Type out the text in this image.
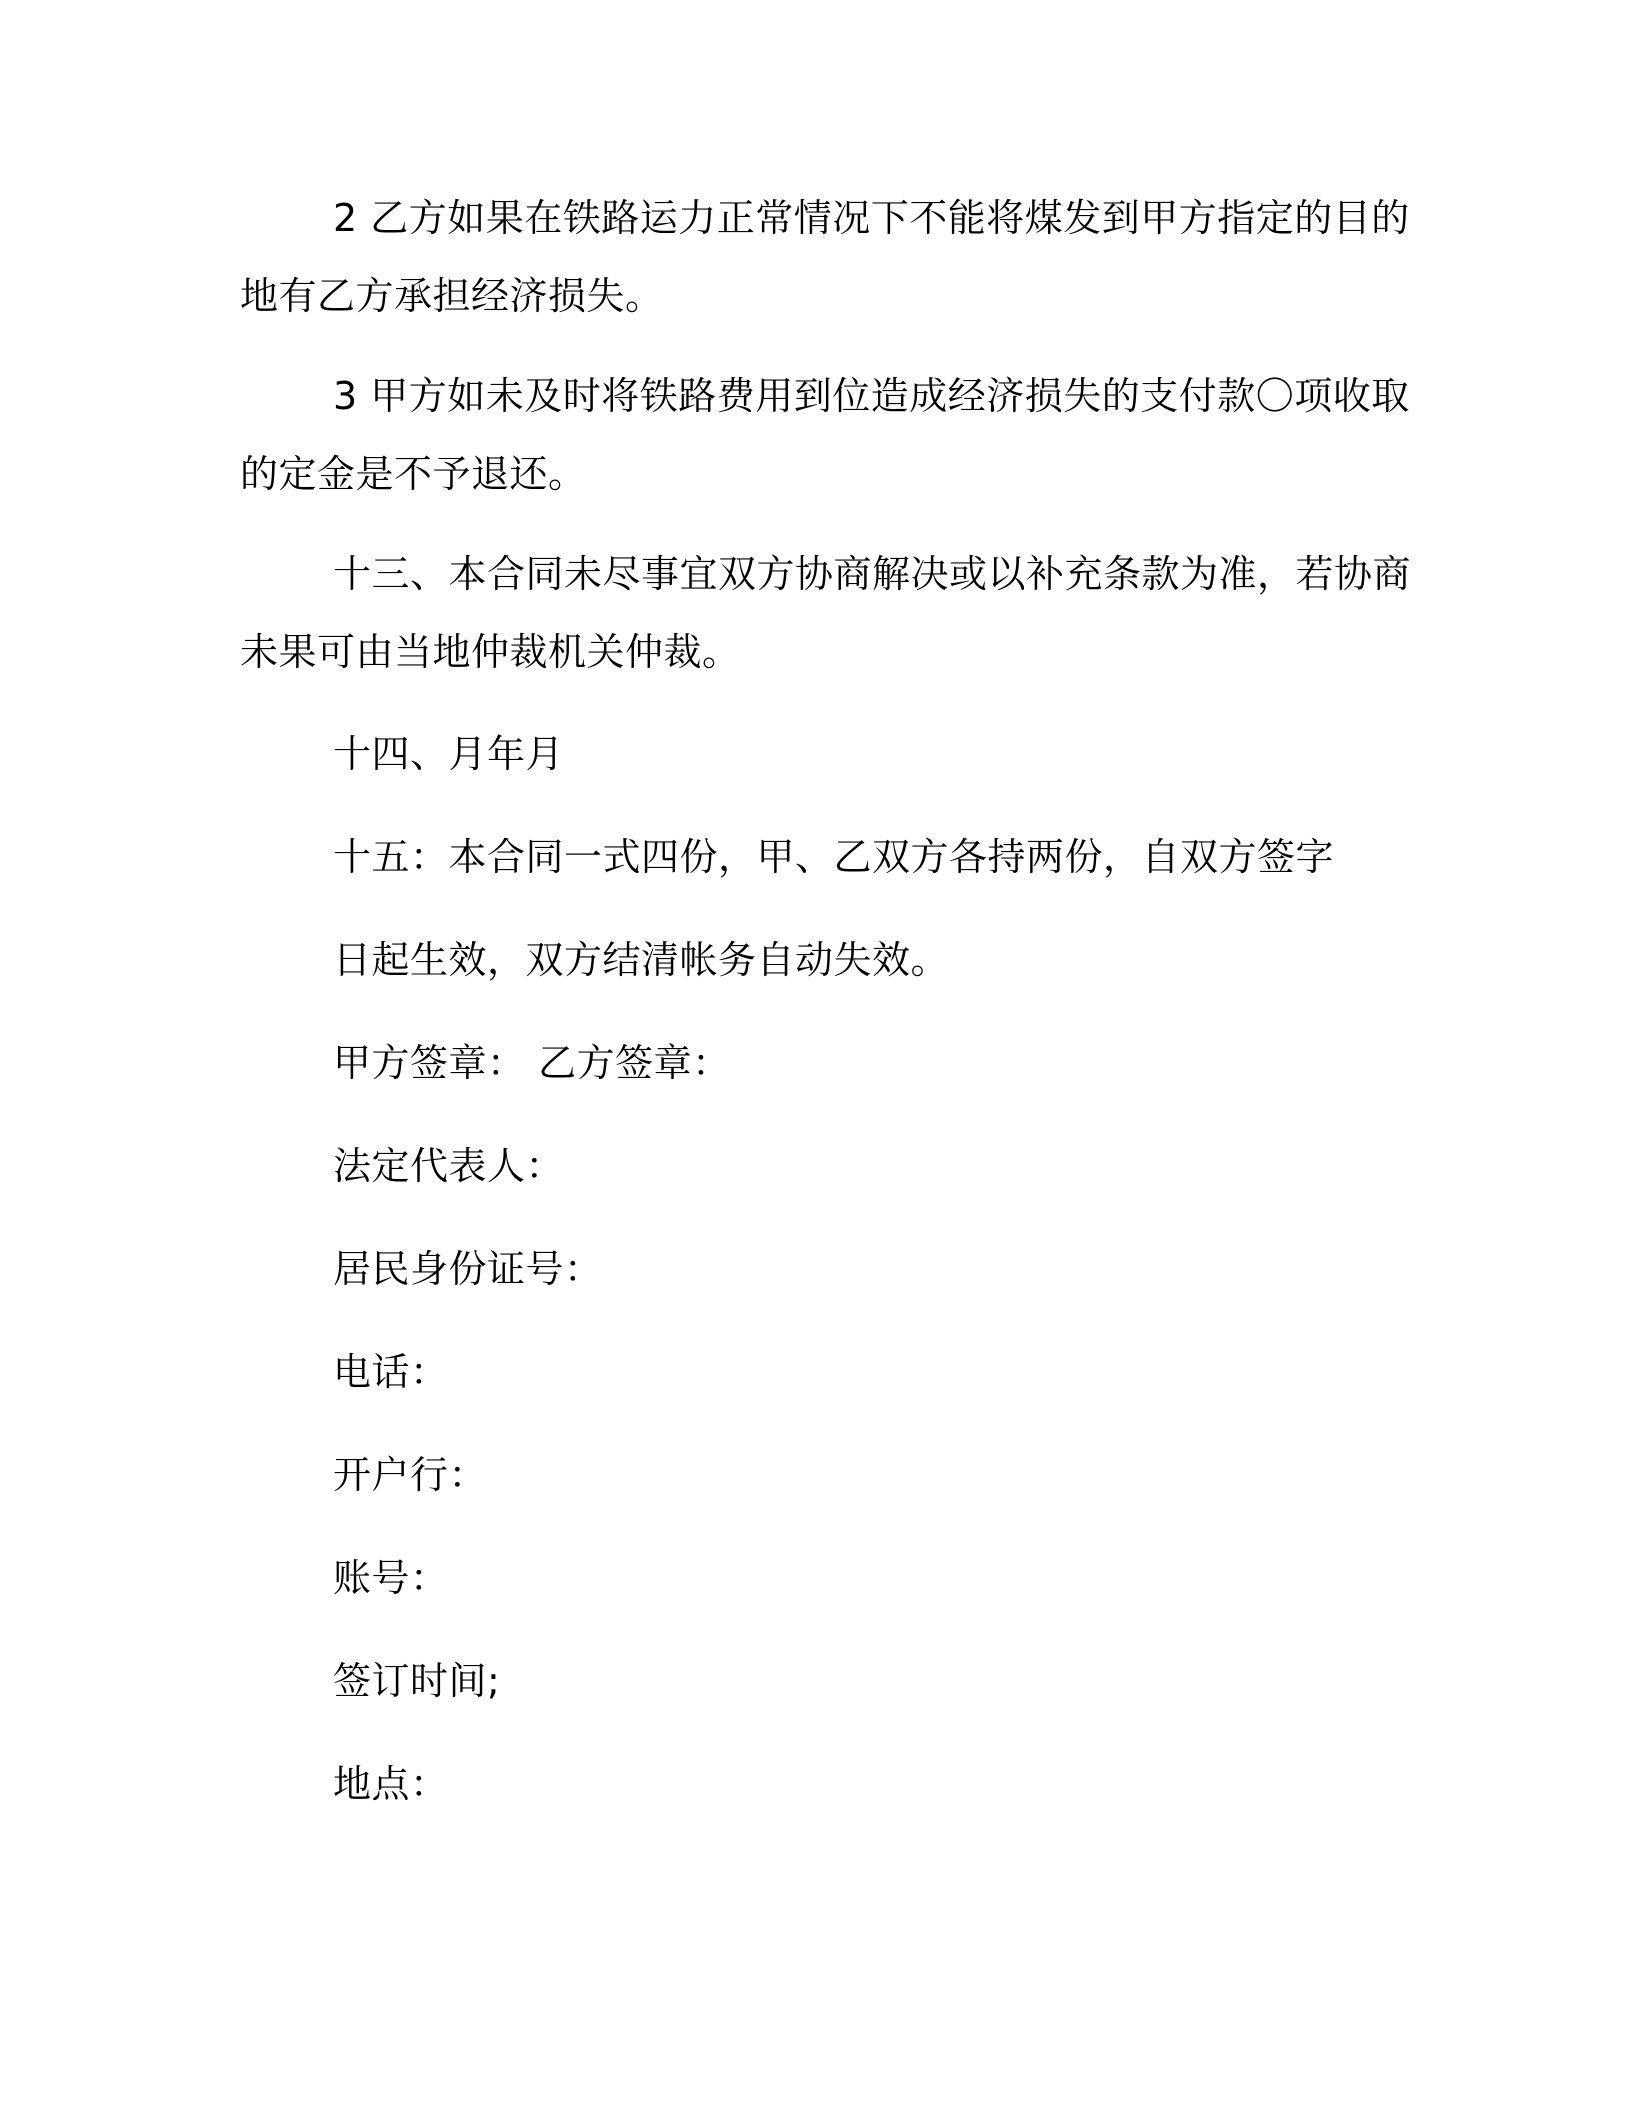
2 乙方如果在铁路运力正常情况下不能将煤发到甲方指定的目的
地有乙方承担经济损失。
3 甲方如未及时将铁路费用到位造成经济损失的支付款〇项收取
的定金是不予退还。
十三、本合同未尽事宜双方协商解决或以补充条款为准，若协商
未果可由当地仲裁机关仲裁。
十四、月年月
十五：本合同一式四份，甲、乙双方各持两份，自双方签字
日起生效，双方结清帐务自动失效。
甲方签章： 乙方签章：
法定代表人：
居民身份证号：
电话：
开户行：
账号：
签订时间;
地点：
